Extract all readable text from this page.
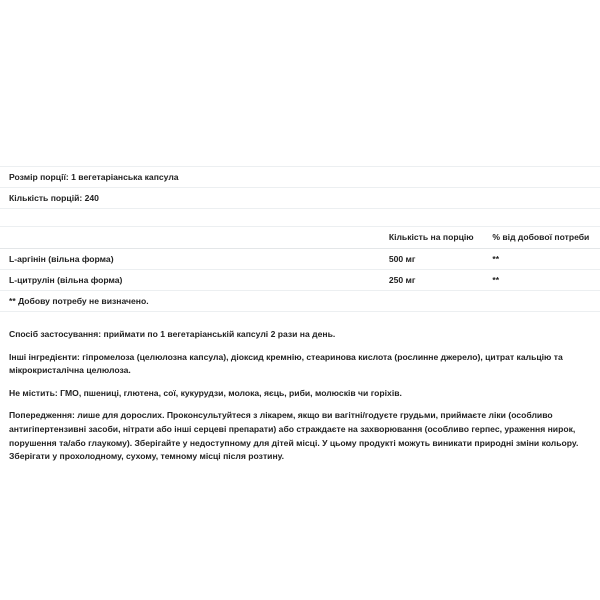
Розмір порції: 1 вегетаріанська капсула		
Кількість порцій: 240		

	Кількість на порцію	% від добової потреби
L-аргінін (вільна форма)	500 мг	**
L-цитрулін (вільна форма)	250 мг	**
** Добову потребу не визначено.		

Спосіб застосування: приймати по 1 вегетаріанській капсулі 2 рази на день.

Інші інгредієнти: гіпромелоза (целюлозна капсула), діоксид кремнію, стеаринова кислота (рослинне джерело), цитрат кальцію та мікрокристалічна целюлоза.

Не містить: ГМО, пшениці, глютена, сої, кукурудзи, молока, яєць, риби, молюсків чи горіхів.

Попередження: лише для дорослих. Проконсультуйтеся з лікарем, якщо ви вагітні/годуєте грудьми, приймаєте ліки (особливо антигіпертензивні засоби, нітрати або інші серцеві препарати) або страждаєте на захворювання (особливо герпес, ураження нирок, порушення та/або глаукому). Зберігайте у недоступному для дітей місці. У цьому продукті можуть виникати природні зміни кольору. Зберігати у прохолодному, сухому, темному місці після розтину.
